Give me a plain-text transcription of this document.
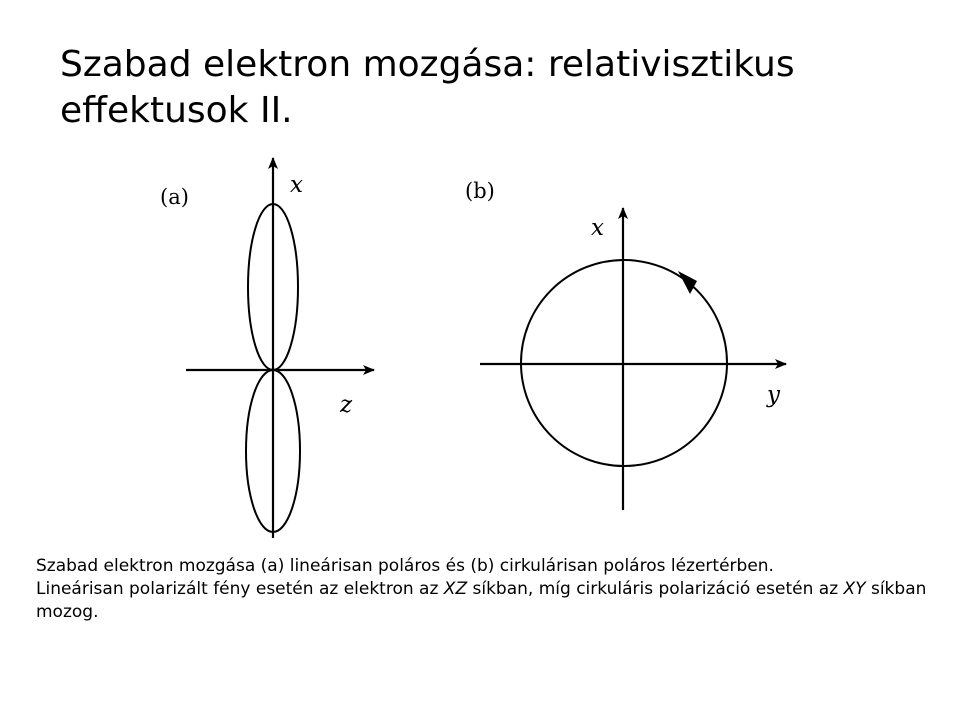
Szabad elektron mozgása: relativisztikus effektusok II.
(a)	x
z
(b)
x
y

Szabad elektron mozgása (a) lineárisan poláros és (b) cirkulárisan poláros lézertérben.

Lineárisan polarizált fény esetén az elektron az XZ síkban, míg cirkuláris polarizáció esetén az XY síkban mozog.
